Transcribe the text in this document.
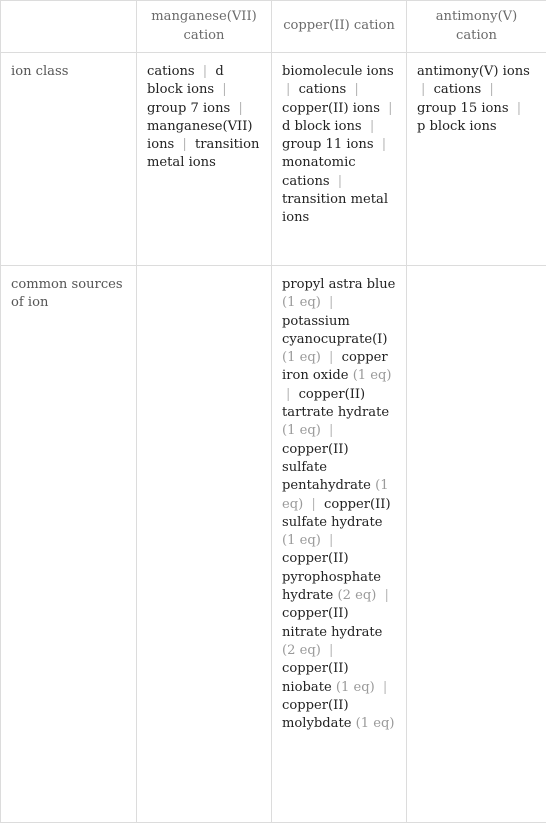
	manganese(VII) cation	copper(II) cation	antimony(V) cation
ion class	cations | d block ions | group 7 ions | manganese(VII) ions | transition metal ions	biomolecule ions | cations | copper(II) ions | d block ions | group 11 ions | monatomic cations | transition metal ions	antimony(V) ions | cations | group 15 ions | p block ions
common sources of ion		propyl astra blue (1 eq) | potassium cyanocuprate(I) (1 eq) | copper iron oxide (1 eq) | copper(II) tartrate hydrate (1 eq) | copper(II) sulfate pentahydrate (1 eq) | copper(II) sulfate hydrate (1 eq) | copper(II) pyrophosphate hydrate (2 eq) | copper(II) nitrate hydrate (2 eq) | copper(II) niobate (1 eq) | copper(II) molybdate (1 eq)	
